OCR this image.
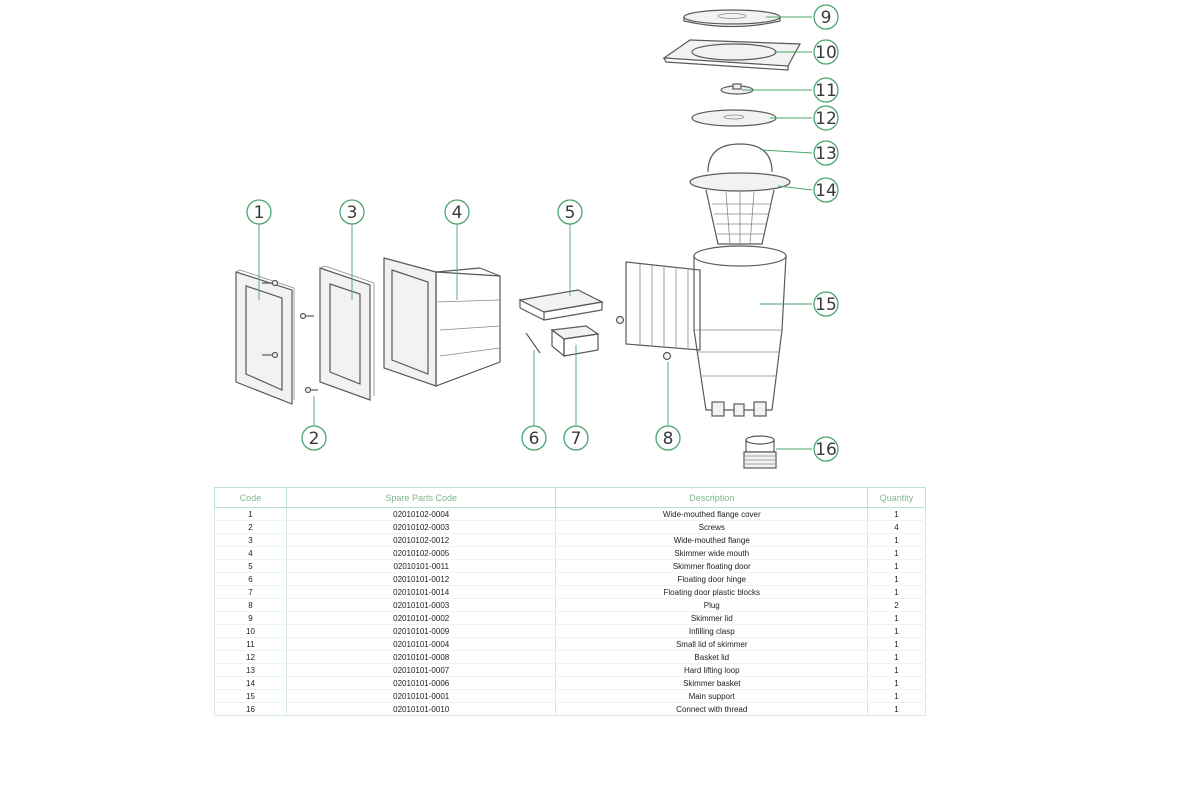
1
2
3	4	5
6 7	8
9
10
11
12
13
14
15
16
Code	Spare Parts Code	Description	Quantity
1	02010102-0004	Wide-mouthed flange cover	1
2	02010102-0003	Screws	4
3	02010102-0012	Wide-mouthed flange	1
4	02010102-0005	Skimmer wide mouth	1
5	02010101-0011	Skimmer floating door	1
6	02010101-0012	Floating door hinge	1
7	02010101-0014	Floating door plastic blocks	1
8	02010101-0003	Plug	2
9	02010101-0002	Skimmer lid	1
10	02010101-0009	Infilling clasp	1
11	02010101-0004	Small lid of skimmer	1
12	02010101-0008	Basket lid	1
13	02010101-0007	Hard lifting loop	1
14	02010101-0006	Skimmer basket	1
15	02010101-0001	Main support	1
16	02010101-0010	Connect with thread	1
